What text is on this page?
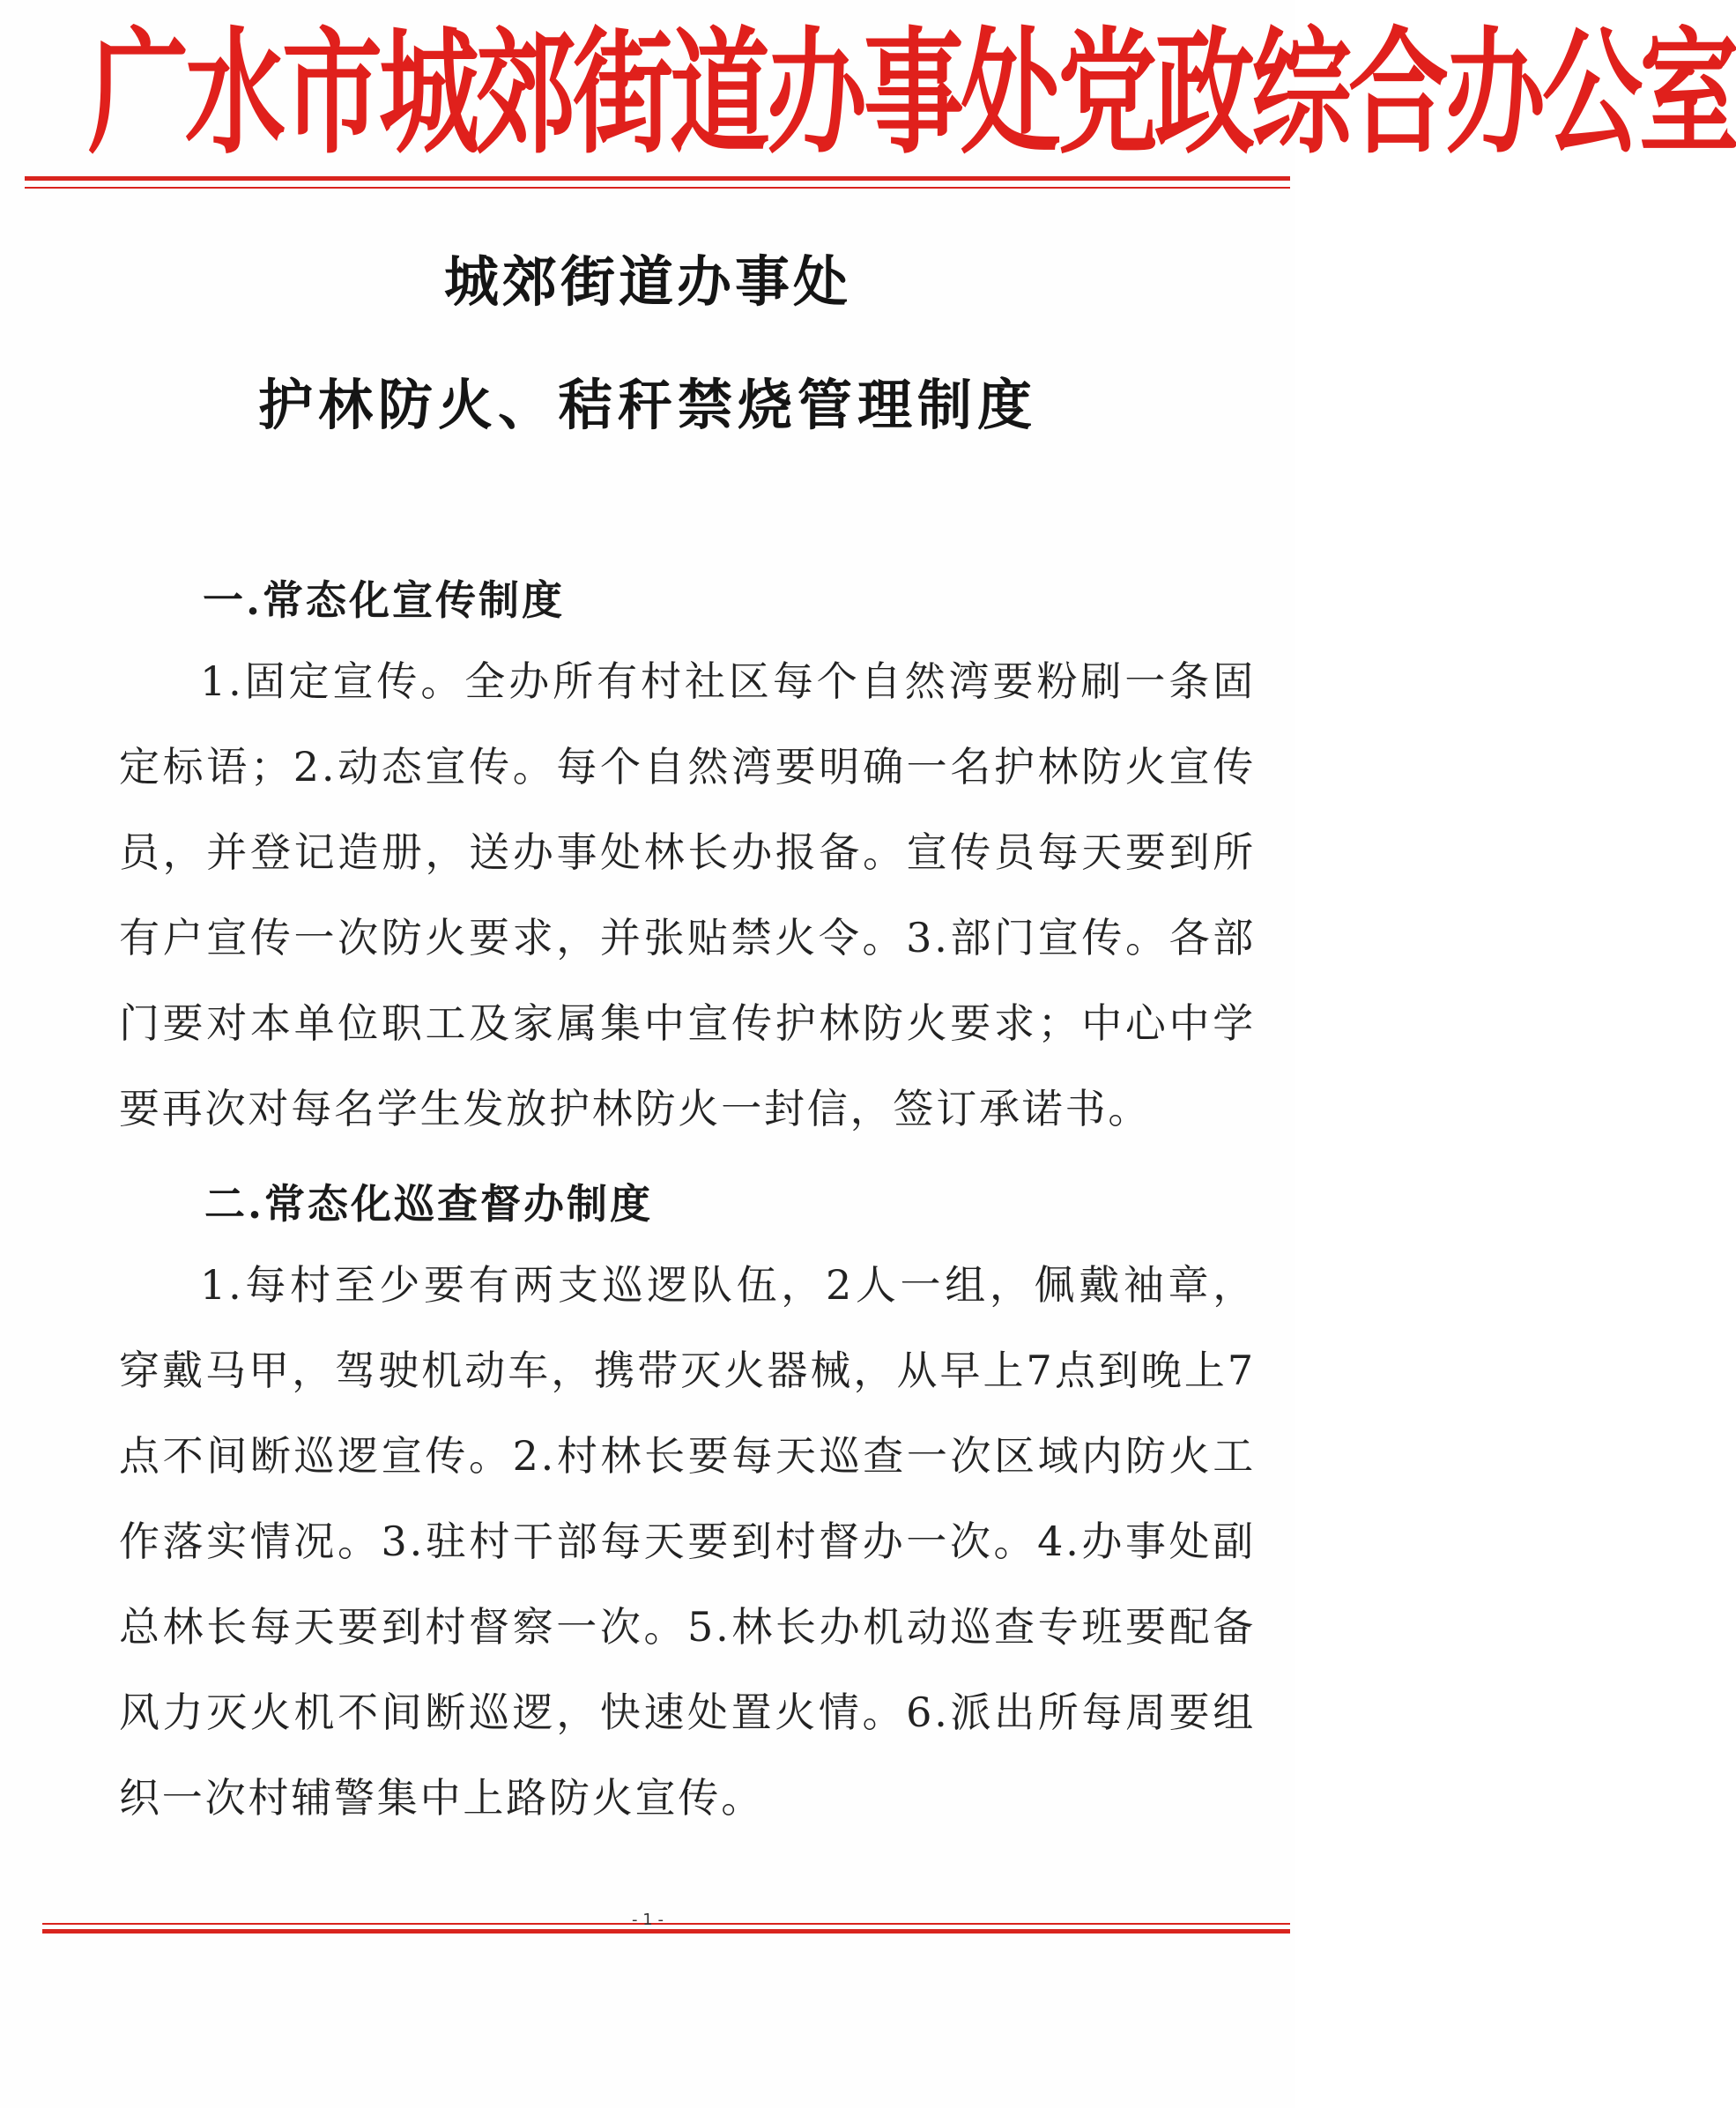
广水市城郊街道办事处党政综合办公室
城郊街道办事处
护林防火、秸秆禁烧管理制度
一.常态化宣传制度

1.固定宣传。全办所有村社区每个自然湾要粉刷一条固定标语；2.动态宣传。每个自然湾要明确一名护林防火宣传员，并登记造册，送办事处林长办报备。宣传员每天要到所有户宣传一次防火要求，并张贴禁火令。3.部门宣传。各部门要对本单位职工及家属集中宣传护林防火要求；中心中学要再次对每名学生发放护林防火一封信，签订承诺书。

二.常态化巡查督办制度

1.每村至少要有两支巡逻队伍，2人一组，佩戴袖章，穿戴马甲，驾驶机动车，携带灭火器械，从早上7点到晚上7点不间断巡逻宣传。2.村林长要每天巡查一次区域内防火工作落实情况。3.驻村干部每天要到村督办一次。4.办事处副总林长每天要到村督察一次。5.林长办机动巡查专班要配备风力灭火机不间断巡逻，快速处置火情。6.派出所每周要组织一次村辅警集中上路防火宣传。

- 1 -
